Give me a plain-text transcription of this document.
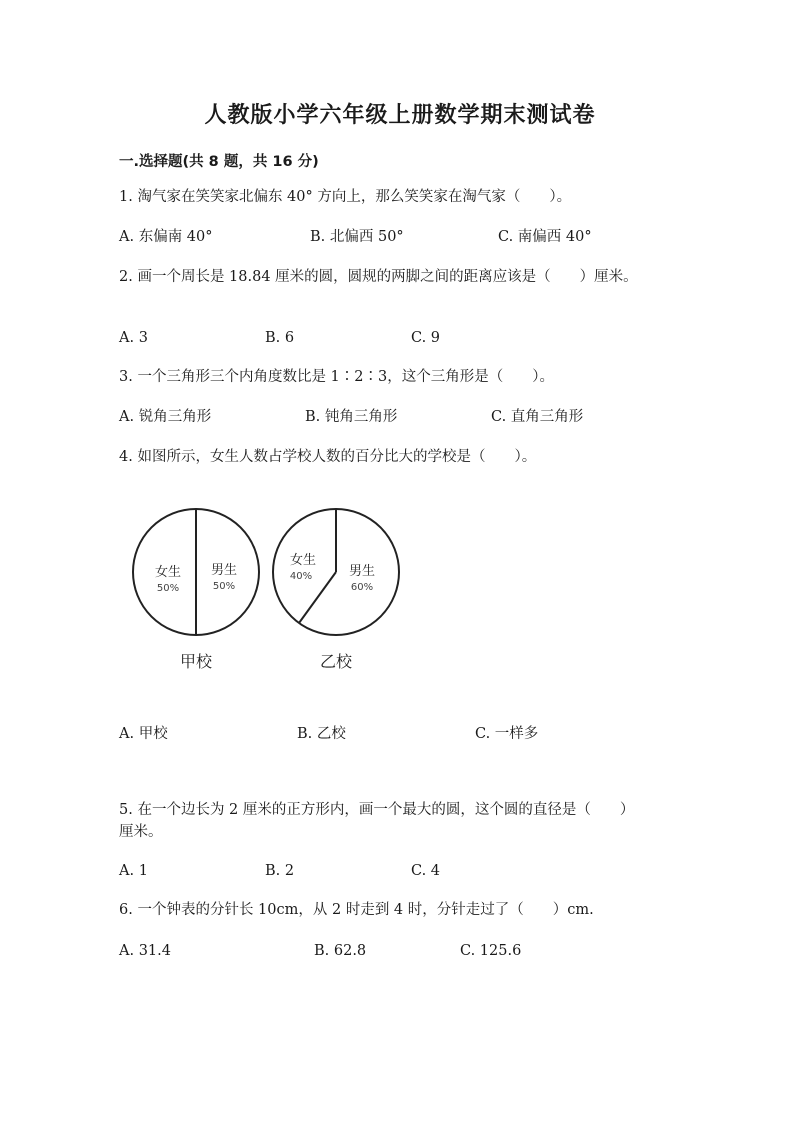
人教版小学六年级上册数学期末测试卷
一.选择题(共 8 题，共 16 分)
1. 淘气家在笑笑家北偏东 40° 方向上，那么笑笑家在淘气家（　　）。
A. 东偏南 40°	B. 北偏西 50°	C. 南偏西 40°
2. 画一个周长是 18.84 厘米的圆，圆规的两脚之间的距离应该是（　　）厘米。
A. 3	B. 6	C. 9
3. 一个三角形三个内角度数比是 1∶2∶3，这个三角形是（　　）。
A. 锐角三角形	B. 钝角三角形	C. 直角三角形
4. 如图所示，女生人数占学校人数的百分比大的学校是（　　）。
女生
50%
男生
50%
甲校
女生
40%	男生
60%
乙校
A. 甲校	B. 乙校	C. 一样多
5. 在一个边长为 2 厘米的正方形内，画一个最大的圆，这个圆的直径是（　　）厘米。
A. 1	B. 2	C. 4
6. 一个钟表的分针长 10cm，从 2 时走到 4 时，分针走过了（　　）cm.
A. 31.4	B. 62.8	C. 125.6
